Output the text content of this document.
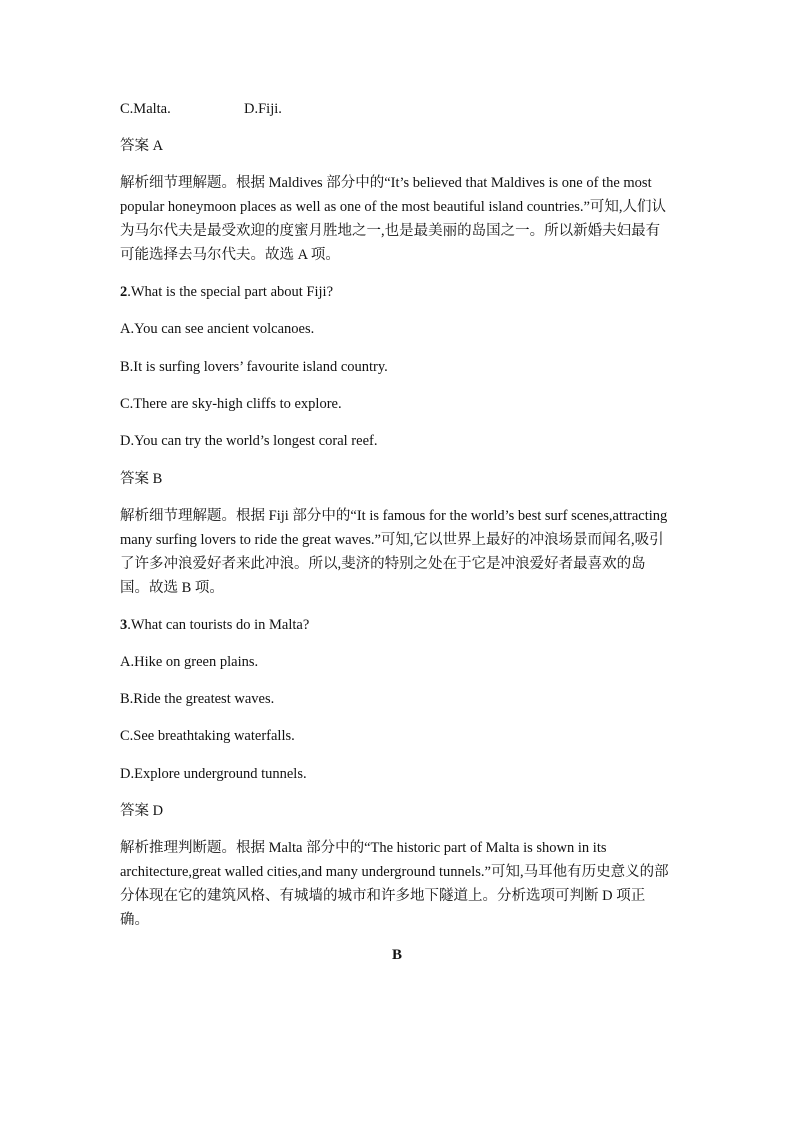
C.Malta.	D.Fiji.
答案 A
解析细节理解题。根据 Maldives 部分中的“It’s believed that Maldives is one of the most popular honeymoon places as well as one of the most beautiful island countries.”可知,人们认为马尔代夫是最受欢迎的度蜜月胜地之一,也是最美丽的岛国之一。所以新婚夫妇最有可能选择去马尔代夫。故选 A 项。
2.What is the special part about Fiji?
A.You can see ancient volcanoes.
B.It is surfing lovers’ favourite island country.
C.There are sky-high cliffs to explore.
D.You can try the world’s longest coral reef.
答案 B
解析细节理解题。根据 Fiji 部分中的“It is famous for the world’s best surf scenes,attracting many surfing lovers to ride the great waves.”可知,它以世界上最好的冲浪场景而闻名,吸引了许多冲浪爱好者来此冲浪。所以,斐济的特别之处在于它是冲浪爱好者最喜欢的岛国。故选 B 项。
3.What can tourists do in Malta?
A.Hike on green plains.
B.Ride the greatest waves.
C.See breathtaking waterfalls.
D.Explore underground tunnels.
答案 D
解析推理判断题。根据 Malta 部分中的“The historic part of Malta is shown in its architecture,great walled cities,and many underground tunnels.”可知,马耳他有历史意义的部分体现在它的建筑风格、有城墙的城市和许多地下隧道上。分析选项可判断 D 项正确。
B
